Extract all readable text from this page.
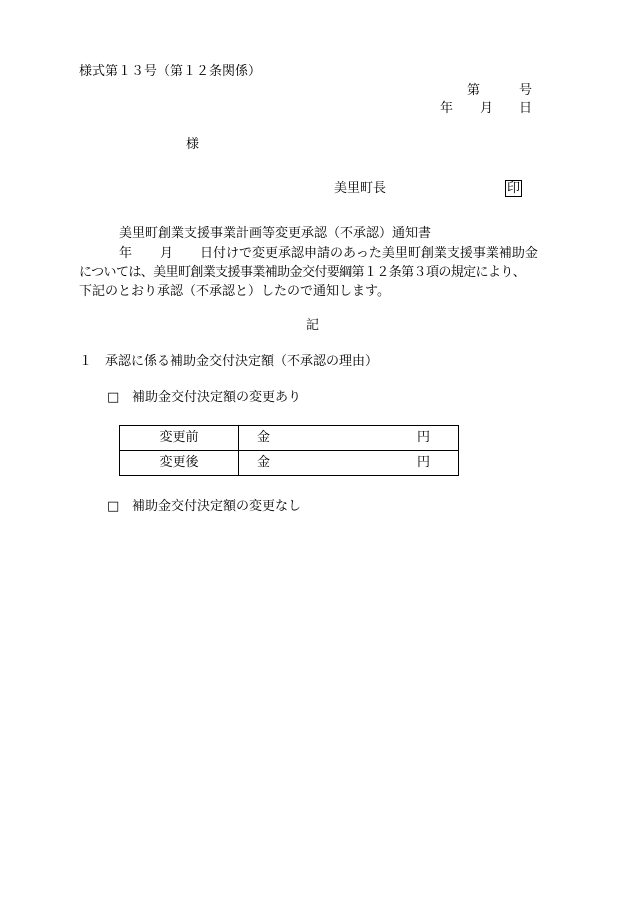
様式第１３号（第１２条関係）
第	号
年 月 日
様
美里町長	印
美里町創業支援事業計画等変更承認（不承認）通知書
年 月 日付けで変更承認申請のあった美里町創業支援事業補助金
については、美里町創業支援事業補助金交付要綱第１２条第３項の規定により、
下記のとおり承認（不承認と）したので通知します。
記
１　承認に係る補助金交付決定額（不承認の理由）
□ 補助金交付決定額の変更あり
変更前	金 円

変更後	金 円
□ 補助金交付決定額の変更なし
